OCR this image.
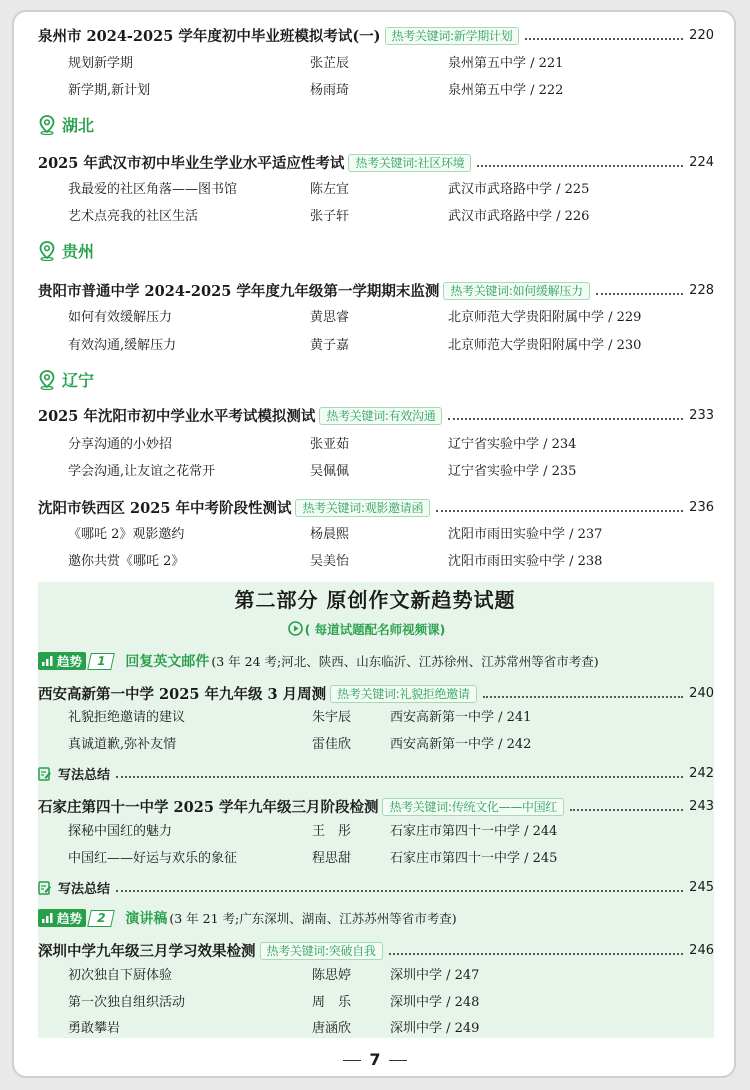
泉州市 2024-2025 学年度初中毕业班模拟考试(一) 热考关键词:新学期计划	220
规划新学期	张芷辰	泉州第五中学 / 221
新学期,新计划	杨雨琦	泉州第五中学 / 222
湖北
2025 年武汉市初中毕业生学业水平适应性考试 热考关键词:社区环境	224
我最爱的社区角落——图书馆	陈左宜	武汉市武珞路中学 / 225
艺术点亮我的社区生活	张子轩	武汉市武珞路中学 / 226
贵州
贵阳市普通中学 2024-2025 学年度九年级第一学期期末监测 热考关键词:如何缓解压力	228
如何有效缓解压力	黄思睿	北京师范大学贵阳附属中学 / 229
有效沟通,缓解压力	黄子嘉	北京师范大学贵阳附属中学 / 230
辽宁
2025 年沈阳市初中学业水平考试模拟测试 热考关键词:有效沟通	233
分享沟通的小妙招	张亚茹	辽宁省实验中学 / 234
学会沟通,让友谊之花常开	吴佩佩	辽宁省实验中学 / 235
沈阳市铁西区 2025 年中考阶段性测试 热考关键词:观影邀请函	236
《哪吒 2》观影邀约	杨晨熙	沈阳市雨田实验中学 / 237
邀你共赏《哪吒 2》	吴美怡	沈阳市雨田实验中学 / 238
第二部分 原创作文新趋势试题
( 每道试题配名师视频课)
趋势	1	回复英文邮件 (3 年 24 考;河北、陕西、山东临沂、江苏徐州、江苏常州等省市考查)
西安高新第一中学 2025 年九年级 3 月周测 热考关键词:礼貌拒绝邀请	240
礼貌拒绝邀请的建议	朱宇辰	西安高新第一中学 / 241
真诚道歉,弥补友情	雷佳欣	西安高新第一中学 / 242
写法总结	242
石家庄第四十一中学 2025 学年九年级三月阶段检测 热考关键词:传统文化——中国红	243
探秘中国红的魅力	王　彤	石家庄市第四十一中学 / 244
中国红——好运与欢乐的象征	程思甜	石家庄市第四十一中学 / 245
写法总结	245
趋势	2	演讲稿 (3 年 21 考;广东深圳、湖南、江苏苏州等省市考查)
深圳中学九年级三月学习效果检测 热考关键词:突破自我	246
初次独自下厨体验	陈思婷	深圳中学 / 247
第一次独自组织活动	周　乐	深圳中学 / 248
勇敢攀岩	唐涵欣	深圳中学 / 249
7
